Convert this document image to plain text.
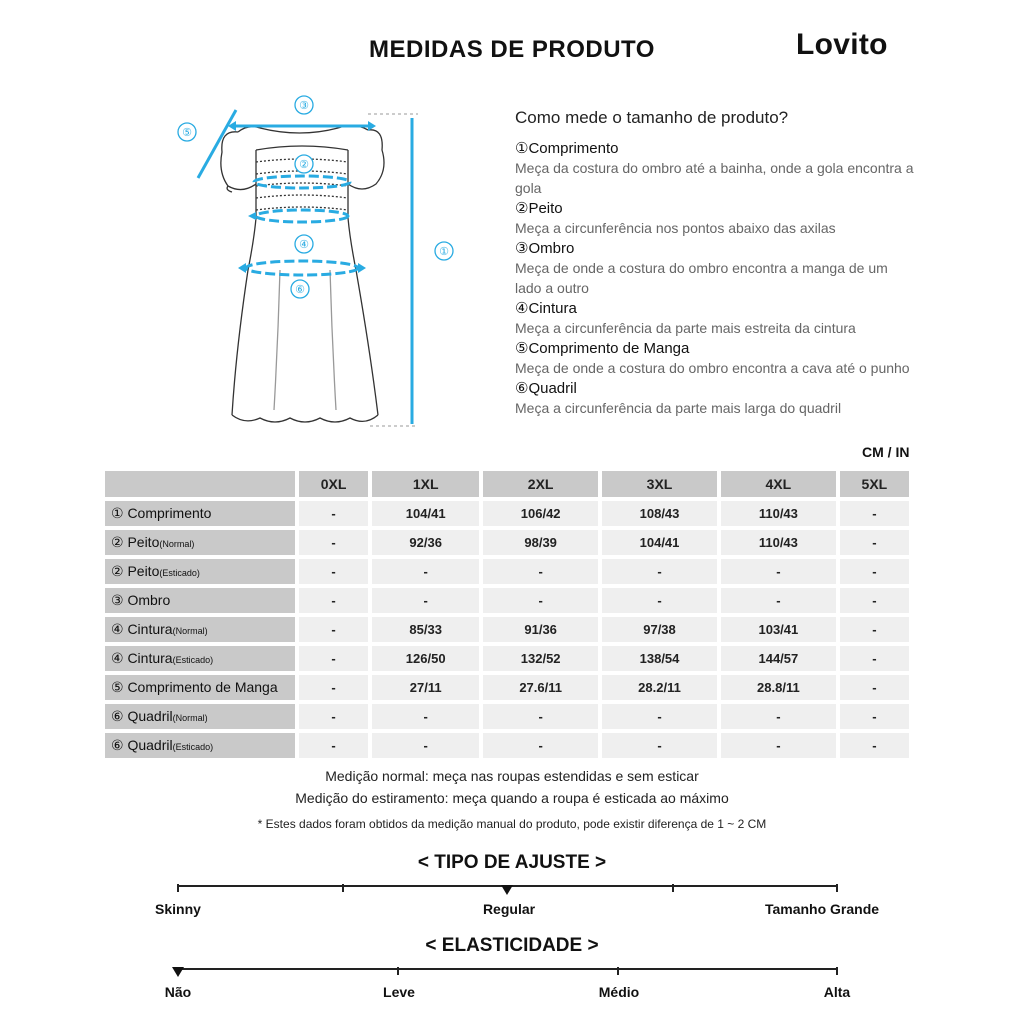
MEDIDAS DE PRODUTO	Lovito
①
②
③
④
⑤
⑥
Como mede o tamanho de produto?
①Comprimento
Meça da costura do ombro até a bainha, onde a gola encontra a gola
②Peito
Meça a circunferência nos pontos abaixo das axilas
③Ombro
Meça de onde a costura do ombro encontra a manga de um lado a outro
④Cintura
Meça a circunferência da parte mais estreita da cintura
⑤Comprimento de Manga
Meça de onde a costura do ombro encontra a cava até o punho
⑥Quadril
Meça a circunferência da parte mais larga do quadril
CM / IN
	0XL	1XL	2XL	3XL	4XL	5XL
① Comprimento	-	104/41	106/42	108/43	110/43	-
② Peito(Normal)	-	92/36	98/39	104/41	110/43	-
② Peito(Esticado)	-	-	-	-	-	-
③ Ombro	-	-	-	-	-	-
④ Cintura(Normal)	-	85/33	91/36	97/38	103/41	-
④ Cintura(Esticado)	-	126/50	132/52	138/54	144/57	-
⑤ Comprimento de Manga	-	27/11	27.6/11	28.2/11	28.8/11	-
⑥ Quadril(Normal)	-	-	-	-	-	-
⑥ Quadril(Esticado)	-	-	-	-	-	-
Medição normal: meça nas roupas estendidas e sem esticar
Medição do estiramento: meça quando a roupa é esticada ao máximo
* Estes dados foram obtidos da medição manual do produto, pode existir diferença de 1 ~ 2 CM
< TIPO DE AJUSTE >
Skinny	Regular	Tamanho Grande
< ELASTICIDADE >
Não	Leve	Médio	Alta
